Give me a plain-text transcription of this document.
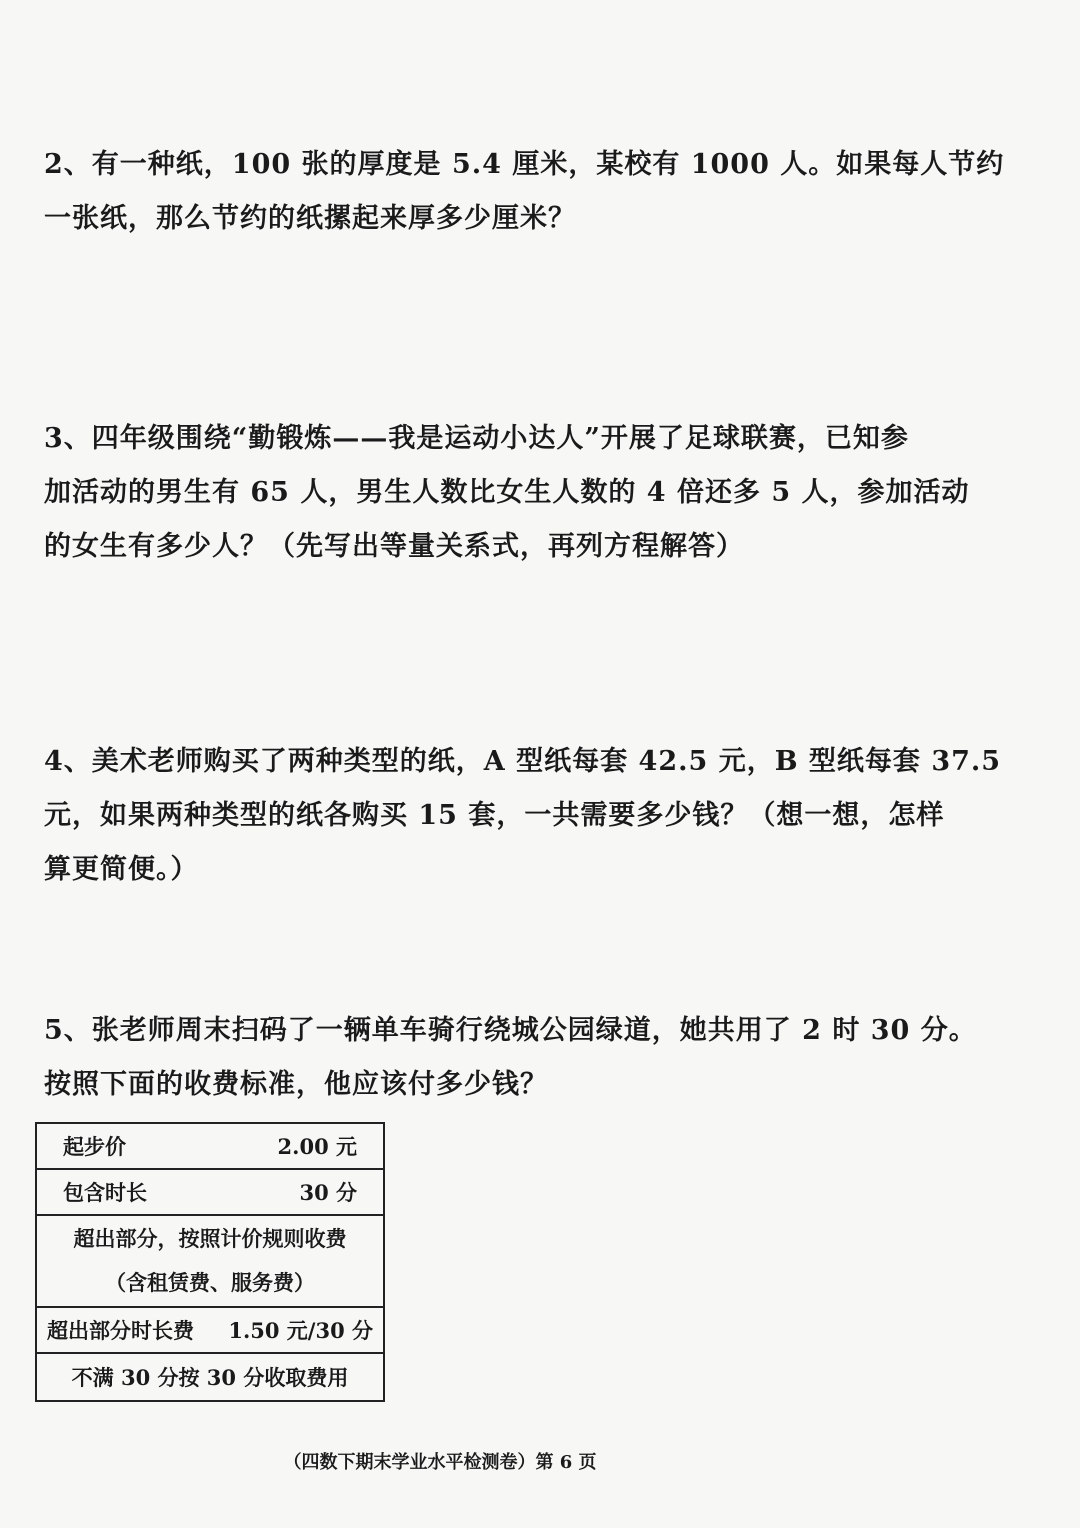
2、有一种纸，100 张的厚度是 5.4 厘米，某校有 1000 人。如果每人节约
一张纸，那么节约的纸摞起来厚多少厘米？
3、四年级围绕“勤锻炼——我是运动小达人”开展了足球联赛，已知参
加活动的男生有 65 人，男生人数比女生人数的 4 倍还多 5 人，参加活动
的女生有多少人？（先写出等量关系式，再列方程解答）
4、美术老师购买了两种类型的纸，A 型纸每套 42.5 元，B 型纸每套 37.5
元，如果两种类型的纸各购买 15 套，一共需要多少钱？（想一想，怎样
算更简便。）
5、张老师周末扫码了一辆单车骑行绕城公园绿道，她共用了 2 时 30 分。
按照下面的收费标准，他应该付多少钱？
起步价	2.00 元
包含时长	30 分
超出部分，按照计价规则收费
（含租赁费、服务费）
超出部分时长费 1.50 元/30 分
不满 30 分按 30 分收取费用
（四数下期末学业水平检测卷）第 6 页
